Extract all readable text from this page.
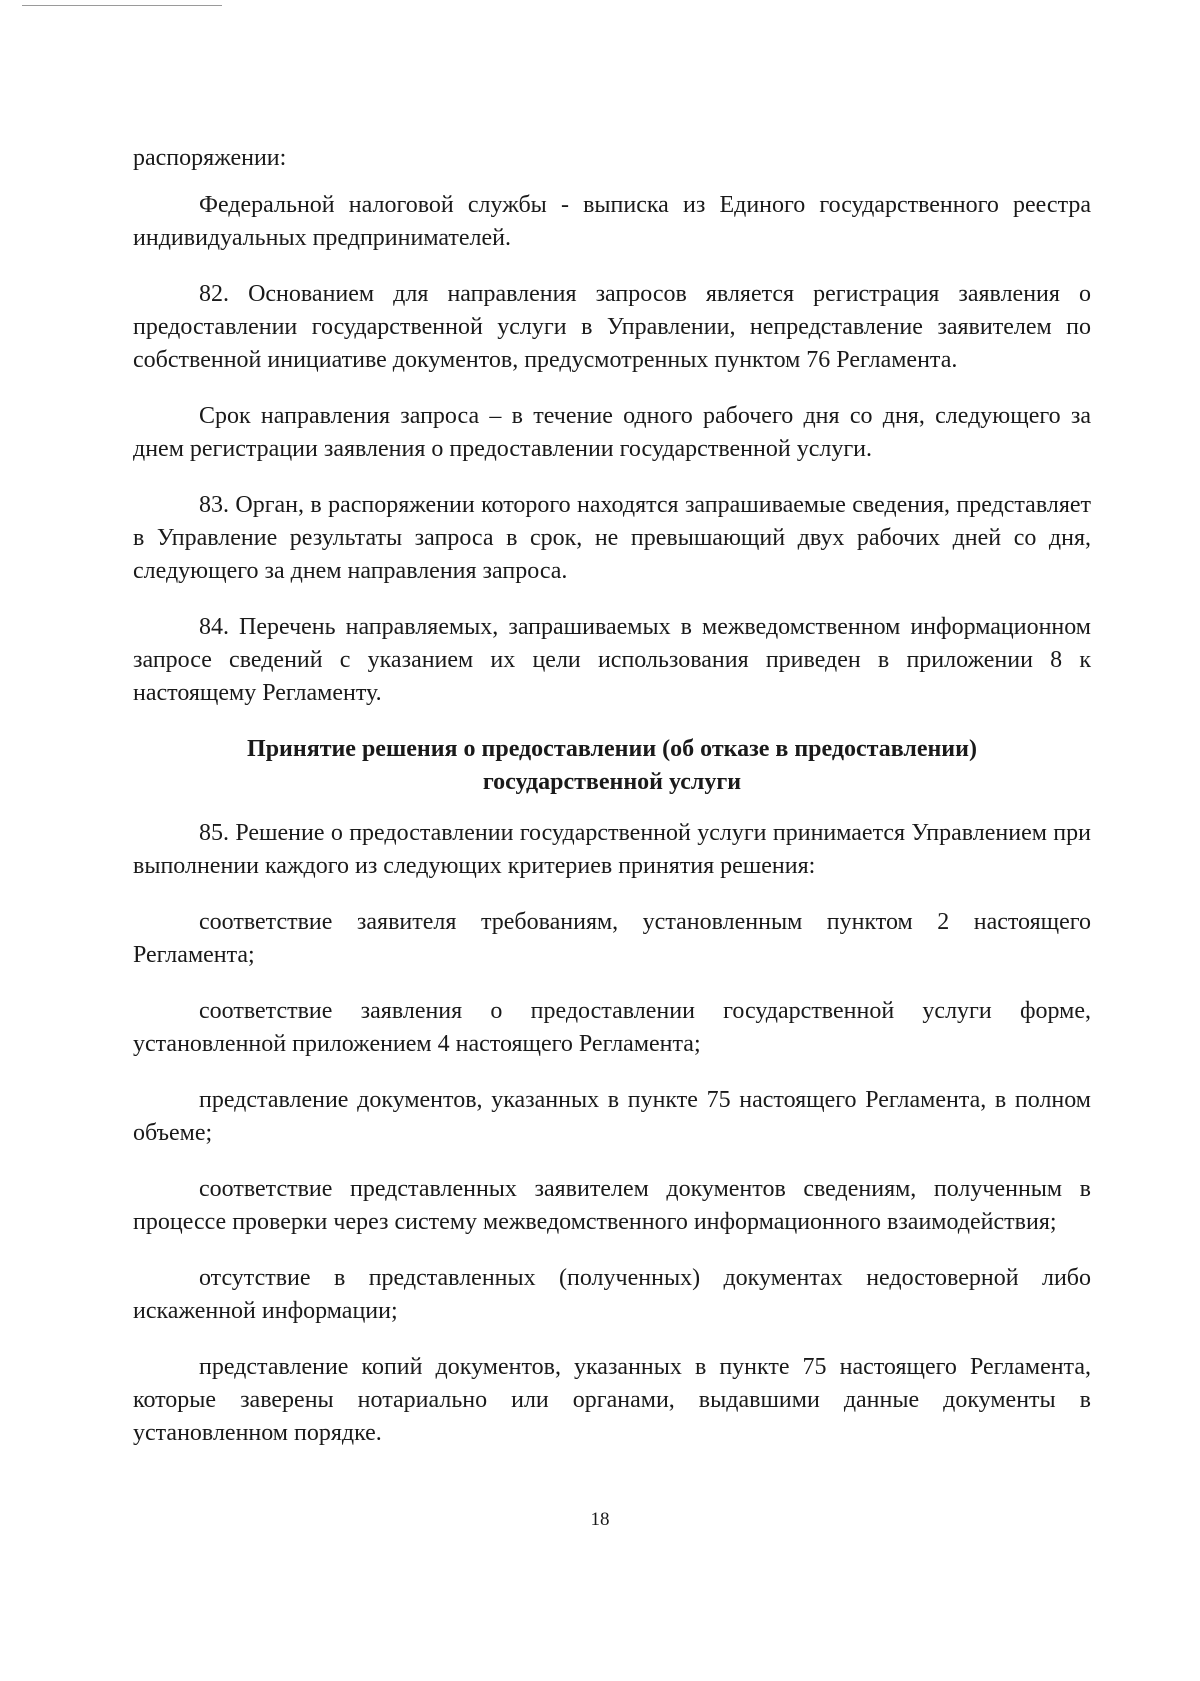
распоряжении:

Федеральной налоговой службы - выписка из Единого государственного реестра индивидуальных предпринимателей.

82. Основанием для направления запросов является регистрация заявления о предоставлении государственной услуги в Управлении, непредставление заявителем по собственной инициативе документов, предусмотренных пунктом 76 Регламента.

Срок направления запроса – в течение одного рабочего дня со дня, следующего за днем регистрации заявления о предоставлении государственной услуги.

83. Орган, в распоряжении которого находятся запрашиваемые сведения, представляет в Управление результаты запроса в срок, не превышающий двух рабочих дней со дня, следующего за днем направления запроса.

84. Перечень направляемых, запрашиваемых в межведомственном информационном запросе сведений с указанием их цели использования приведен в приложении 8 к настоящему Регламенту.

Принятие решения о предоставлении (об отказе в предоставлении)
государственной услуги

85. Решение о предоставлении государственной услуги принимается Управлением при выполнении каждого из следующих критериев принятия решения:

соответствие заявителя требованиям, установленным пунктом 2 настоящего Регламента;

соответствие заявления о предоставлении государственной услуги форме, установленной приложением 4 настоящего Регламента;

представление документов, указанных в пункте 75 настоящего Регламента, в полном объеме;

соответствие представленных заявителем документов сведениям, полученным в процессе проверки через систему межведомственного информационного взаимодействия;

отсутствие в представленных (полученных) документах недостоверной либо искаженной информации;

представление копий документов, указанных в пункте 75 настоящего Регламента, которые заверены нотариально или органами, выдавшими данные документы в установленном порядке.

18
